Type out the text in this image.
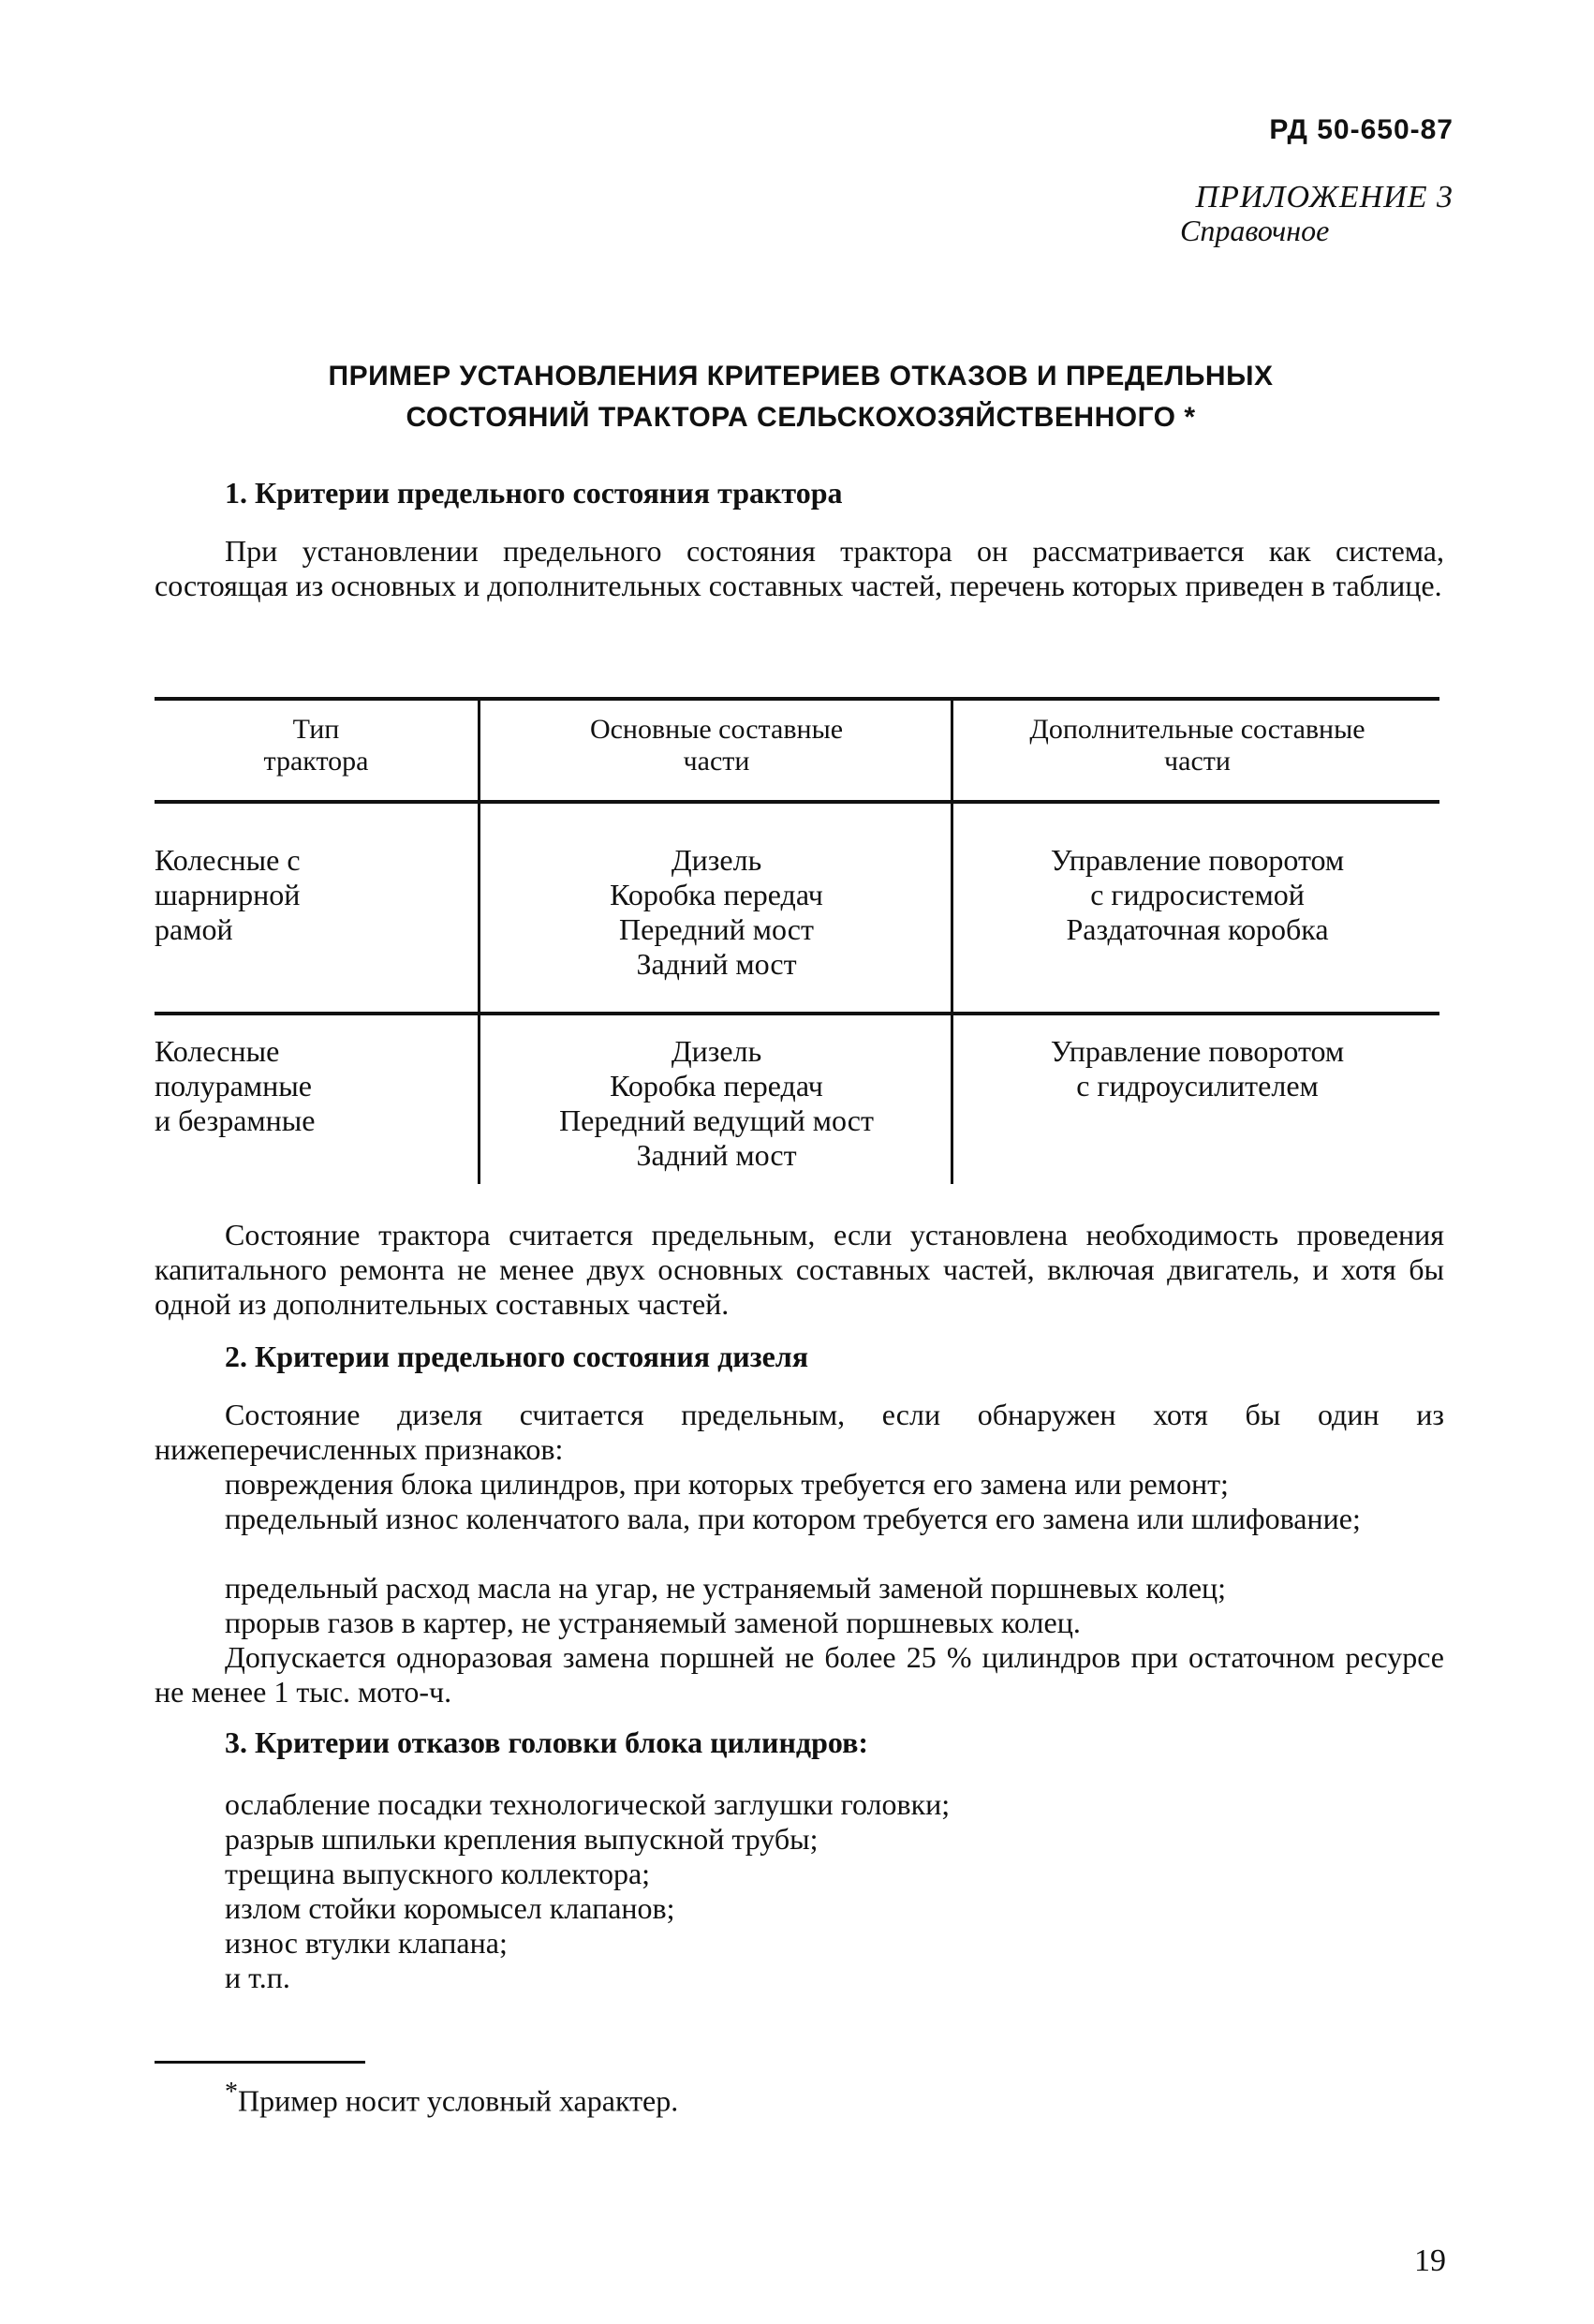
РД 50-650-87
ПРИЛОЖЕНИЕ 3
Справочное
ПРИМЕР УСТАНОВЛЕНИЯ КРИТЕРИЕВ ОТКАЗОВ И ПРЕДЕЛЬНЫХ
СОСТОЯНИЙ ТРАКТОРА СЕЛЬСКОХОЗЯЙСТВЕННОГО *
1. Критерии предельного состояния трактора
При установлении предельного состояния трактора он рассматривается как система, состоящая из основных и дополнительных составных частей, перечень которых приведен в таблице.
Тип
трактора
Основные составные
части
Дополнительные составные
части
Колесные с
шарнирной
рамой
Дизель
Коробка передач
Передний мост
Задний мост
Управление поворотом
с гидросистемой
Раздаточная коробка
Колесные
полурамные
и безрамные
Дизель
Коробка передач
Передний ведущий мост
Задний мост
Управление поворотом
с гидроусилителем
Состояние трактора считается предельным, если установлена необходимость проведения капитального ремонта не менее двух основных составных частей, включая двигатель, и хотя бы одной из дополнительных составных частей.
2. Критерии предельного состояния дизеля
Состояние дизеля считается предельным, если обнаружен хотя бы один из нижеперечисленных признаков:
повреждения блока цилиндров, при которых требуется его замена или ремонт;
предельный износ коленчатого вала, при котором требуется его замена или шлифование;
предельный расход масла на угар, не устраняемый заменой поршневых колец;
прорыв газов в картер, не устраняемый заменой поршневых колец.
Допускается одноразовая замена поршней не более 25 % цилиндров при остаточном ресурсе не менее 1 тыс. мото-ч.
3. Критерии отказов головки блока цилиндров:
ослабление посадки технологической заглушки головки;
разрыв шпильки крепления выпускной трубы;
трещина выпускного коллектора;
излом стойки коромысел клапанов;
износ втулки клапана;
и т.п.
*Пример носит условный характер.
19
